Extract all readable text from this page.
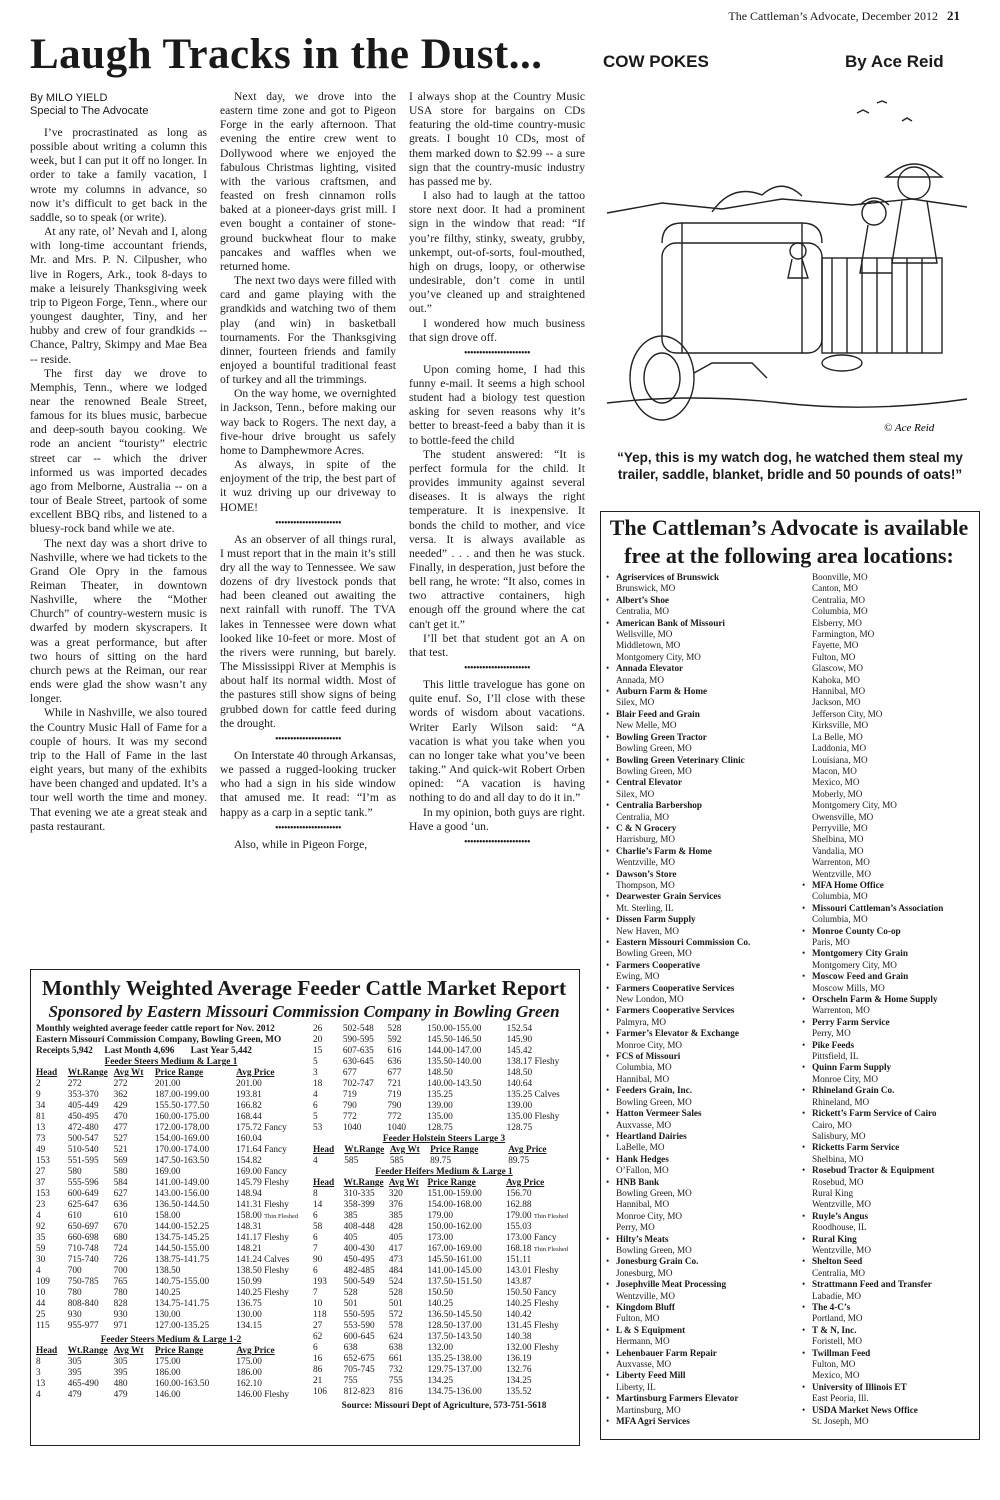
The Cattleman’s Advocate, December 2012 21
Laugh Tracks in the Dust...
By MILO YIELD
Special to The Advocate

I’ve procrastinated as long as possible about writing a column this week, but I can put it off no longer. In order to take a family vacation, I wrote my columns in advance, so now it’s difficult to get back in the saddle, so to speak (or write).

At any rate, ol’ Nevah and I, along with long-time accountant friends, Mr. and Mrs. P. N. Cilpusher, who live in Rogers, Ark., took 8-days to make a leisurely Thanksgiving week trip to Pigeon Forge, Tenn., where our youngest daughter, Tiny, and her hubby and crew of four grandkids -- Chance, Paltry, Skimpy and Mae Bea -- reside.

The first day we drove to Memphis, Tenn., where we lodged near the renowned Beale Street, famous for its blues music, barbecue and deep-south bayou cooking. We rode an ancient “touristy” electric street car -- which the driver informed us was imported decades ago from Melborne, Australia -- on a tour of Beale Street, partook of some excellent BBQ ribs, and listened to a bluesy-rock band while we ate.

The next day was a short drive to Nashville, where we had tickets to the Grand Ole Opry in the famous Reiman Theater, in downtown Nashville, where the “Mother Church” of country-western music is dwarfed by modern skyscrapers. It was a great performance, but after two hours of sitting on the hard church pews at the Reiman, our rear ends were glad the show wasn’t any longer.

While in Nashville, we also toured the Country Music Hall of Fame for a couple of hours. It was my second trip to the Hall of Fame in the last eight years, but many of the exhibits have been changed and updated. It’s a tour well worth the time and money. That evening we ate a great steak and pasta restaurant.

Next day, we drove into the eastern time zone and got to Pigeon Forge in the early afternoon. That evening the entire crew went to Dollywood where we enjoyed the fabulous Christmas lighting, visited with the various craftsmen, and feasted on fresh cinnamon rolls baked at a pioneer-days grist mill. I even bought a container of stone-ground buckwheat flour to make pancakes and waffles when we returned home.

The next two days were filled with card and game playing with the grandkids and watching two of them play (and win) in basketball tournaments. For the Thanksgiving dinner, fourteen friends and family enjoyed a bountiful traditional feast of turkey and all the trimmings.

On the way home, we overnighted in Jackson, Tenn., before making our way back to Rogers. The next day, a five-hour drive brought us safely home to Damphewmore Acres.

As always, in spite of the enjoyment of the trip, the best part of it wuz driving up our driveway to HOME!

••••••••••••••••••••••

As an observer of all things rural, I must report that in the main it’s still dry all the way to Tennessee. We saw dozens of dry livestock ponds that had been cleaned out awaiting the next rainfall with runoff. The TVA lakes in Tennessee were down what looked like 10-feet or more. Most of the rivers were running, but barely. The Mississippi River at Memphis is about half its normal width. Most of the pastures still show signs of being grubbed down for cattle feed during the drought.

••••••••••••••••••••••

On Interstate 40 through Arkansas, we passed a rugged-looking trucker who had a sign in his side window that amused me. It read: “I’m as happy as a carp in a septic tank.”

••••••••••••••••••••••

Also, while in Pigeon Forge,

I always shop at the Country Music USA store for bargains on CDs featuring the old-time country-music greats. I bought 10 CDs, most of them marked down to $2.99 -- a sure sign that the country-music industry has passed me by.

I also had to laugh at the tattoo store next door. It had a prominent sign in the window that read: “If you’re filthy, stinky, sweaty, grubby, unkempt, out-of-sorts, foul-mouthed, high on drugs, loopy, or otherwise undesirable, don’t come in until you’ve cleaned up and straightened out.”

I wondered how much business that sign drove off.

••••••••••••••••••••••

Upon coming home, I had this funny e-mail. It seems a high school student had a biology test question asking for seven reasons why it’s better to breast-feed a baby than it is to bottle-feed the child

The student answered: “It is perfect formula for the child. It provides immunity against several diseases. It is always the right temperature. It is inexpensive. It bonds the child to mother, and vice versa. It is always available as needed” . . . and then he was stuck. Finally, in desperation, just before the bell rang, he wrote: “It also, comes in two attractive containers, high enough off the ground where the cat can't get it.”

I’ll bet that student got an A on that test.

••••••••••••••••••••••

This little travelogue has gone on quite enuf. So, I’ll close with these words of wisdom about vacations. Writer Early Wilson said: “A vacation is what you take when you can no longer take what you’ve been taking.” And quick-wit Robert Orben opined: “A vacation is having nothing to do and all day to do it in.”

In my opinion, both guys are right. Have a good ‘un.

••••••••••••••••••••••
COW POKES	By Ace Reid
© Ace Reid
“Yep, this is my watch dog, he watched them steal my trailer, saddle, blanket, bridle and 50 pounds of oats!”
The Cattleman’s Advocate is available
free at the following area locations:
• Agriservices of Brunswick
Brunswick, MO
• Albert’s Shoe
Centralia, MO
• American Bank of Missouri
Wellsville, MO
Middletown, MO
Montgomery City, MO
• Annada Elevator
Annada, MO
• Auburn Farm & Home
Silex, MO
• Blair Feed and Grain
New Melle, MO
• Bowling Green Tractor
Bowling Green, MO
• Bowling Green Veterinary Clinic
Bowling Green, MO
• Central Elevator
Silex, MO
• Centralia Barbershop
Centralia, MO
• C & N Grocery
Harrisburg, MO
• Charlie’s Farm & Home
Wentzville, MO
• Dawson’s Store
Thompson, MO
• Dearwester Grain Services
Mt. Sterling, IL
• Dissen Farm Supply
New Haven, MO
• Eastern Missouri Commission Co.
Bowling Green, MO
• Farmers Cooperative
Ewing, MO
• Farmers Cooperative Services
New London, MO
• Farmers Cooperative Services
Palmyra, MO
• Farmer’s Elevator & Exchange
Monroe City, MO
• FCS of Missouri
Columbia, MO
Hannibal, MO
• Feeders Grain, Inc.
Bowling Green, MO
• Hatton Vermeer Sales
Auxvasse, MO
• Heartland Dairies
LaBelle, MO
• Hank Hedges
O’Fallon, MO
• HNB Bank
Bowling Green, MO
Hannibal, MO
Monroe City, MO
Perry, MO
• Hilty’s Meats
Bowling Green, MO
• Jonesburg Grain Co.
Jonesburg, MO
• Josephville Meat Processing
Wentzville, MO
• Kingdom Bluff
Fulton, MO
• L & S Equipment
Hermann, MO
• Lehenbauer Farm Repair
Auxvasse, MO
• Liberty Feed Mill
Liberty, IL
• Martinsburg Farmers Elevator
Martinsburg, MO
• MFA Agri Services
Boonville, MO
Canton, MO
Centralia, MO
Columbia, MO
Elsberry, MO
Farmington, MO
Fayette, MO
Fulton, MO
Glascow, MO
Kahoka, MO
Hannibal, MO
Jackson, MO
Jefferson City, MO
Kirksville, MO
La Belle, MO
Laddonia, MO
Louisiana, MO
Macon, MO
Mexico, MO
Moberly, MO
Montgomery City, MO
Owensville, MO
Perryville, MO
Shelbina, MO
Vandalia, MO
Warrenton, MO
Wentzville, MO
• MFA Home Office
Columbia, MO
• Missouri Cattleman’s Association
Columbia, MO
• Monroe County Co-op
Paris, MO
• Montgomery City Grain
Montgomery City, MO
• Moscow Feed and Grain
Moscow Mills, MO
• Orscheln Farm & Home Supply
Warrenton, MO
• Perry Farm Service
Perry, MO
• Pike Feeds
Pittsfield, IL
• Quinn Farm Supply
Monroe City, MO
• Rhineland Grain Co.
Rhineland, MO
• Rickett’s Farm Service of Cairo
Cairo, MO
Salisbury, MO
• Ricketts Farm Service
Shelbina, MO
• Rosebud Tractor & Equipment
Rosebud, MO
Rural King
Wentzville, MO
• Ruyle’s Angus
Roodhouse, IL
• Rural King
Wentzville, MO
• Shelton Seed
Centralia, MO
• Strattmann Feed and Transfer
Labadie, MO
• The 4-C’s
Portland, MO
• T & N, Inc.
Foristell, MO
• Twillman Feed
Fulton, MO
Mexico, MO
• University of Illinois ET
East Peoria, Ill.
• USDA Market News Office
St. Joseph, MO
Monthly Weighted Average Feeder Cattle Market Report
Sponsored by Eastern Missouri Commission Company in Bowling Green
Monthly weighted average feeder cattle report for Nov. 2012
Eastern Missouri Commission Company, Bowling Green, MO
Receipts 5,942     Last Month 4,696       Last Year 5,442
Feeder Steers Medium & Large 1
Head	Wt.Range	Avg Wt	Price Range	Avg Price
2	272	272	201.00	201.00
9	353-370	362	187.00-199.00	193.81
34	405-449	429	155.50-177.50	166.82
81	450-495	470	160.00-175.00	168.44
13	472-480	477	172.00-178.00	175.72 Fancy
73	500-547	527	154.00-169.00	160.04
49	510-540	521	170.00-174.00	171.64 Fancy
153	551-595	569	147.50-163.50	154.82
27	580	580	169.00	169.00 Fancy
37	555-596	584	141.00-149.00	145.79 Fleshy
153	600-649	627	143.00-156.00	148.94
23	625-647	636	136.50-144.50	141.31 Fleshy
4	610	610	158.00	158.00 Thin Fleshed
92	650-697	670	144.00-152.25	148.31
35	660-698	680	134.75-145.25	141.17 Fleshy
59	710-748	724	144.50-155.00	148.21
30	715-740	726	138.75-141.75	141.24 Calves
4	700	700	138.50	138.50 Fleshy
109	750-785	765	140.75-155.00	150.99
10	780	780	140.25	140.25 Fleshy
44	808-840	828	134.75-141.75	136.75
25	930	930	130.00	130.00
115	955-977	971	127.00-135.25	134.15
Feeder Steers Medium & Large 1-2
Head	Wt.Range	Avg Wt	Price Range	Avg Price
8	305	305	175.00	175.00
3	395	395	186.00	186.00
13	465-490	480	160.00-163.50	162.10
4	479	479	146.00	146.00 Fleshy
26	502-548	528	150.00-155.00	152.54
20	590-595	592	145.50-146.50	145.90
15	607-635	616	144.00-147.00	145.42
5	630-645	636	135.50-140.00	138.17 Fleshy
3	677	677	148.50	148.50
18	702-747	721	140.00-143.50	140.64
4	719	719	135.25	135.25 Calves
6	790	790	139.00	139.00
5	772	772	135.00	135.00 Fleshy
53	1040	1040	128.75	128.75
Feeder Holstein Steers Large 3
Head	Wt.Range	Avg Wt	Price Range	Avg Price
4	585	585	89.75	89.75
Feeder Heifers Medium & Large 1
Head	Wt.Range	Avg Wt	Price Range	Avg Price
8	310-335	320	151.00-159.00	156.70
14	358-399	376	154.00-168.00	162.88
6	385	385	179.00	179.00 Thin Fleshed
58	408-448	428	150.00-162.00	155.03
6	405	405	173.00	173.00 Fancy
7	400-430	417	167.00-169.00	168.18 Thin Fleshed
90	450-495	473	145.50-161.00	151.11
6	482-485	484	141.00-145.00	143.01 Fleshy
193	500-549	524	137.50-151.50	143.87
7	528	528	150.50	150.50 Fancy
10	501	501	140.25	140.25 Fleshy
118	550-595	572	136.50-145.50	140.42
27	553-590	578	128.50-137.00	131.45 Fleshy
62	600-645	624	137.50-143.50	140.38
6	638	638	132.00	132.00 Fleshy
16	652-675	661	135.25-138.00	136.19
86	705-745	732	129.75-137.00	132.76
21	755	755	134.25	134.25
106	812-823	816	134.75-136.00	135.52
Source: Missouri Dept of Agriculture, 573-751-5618
